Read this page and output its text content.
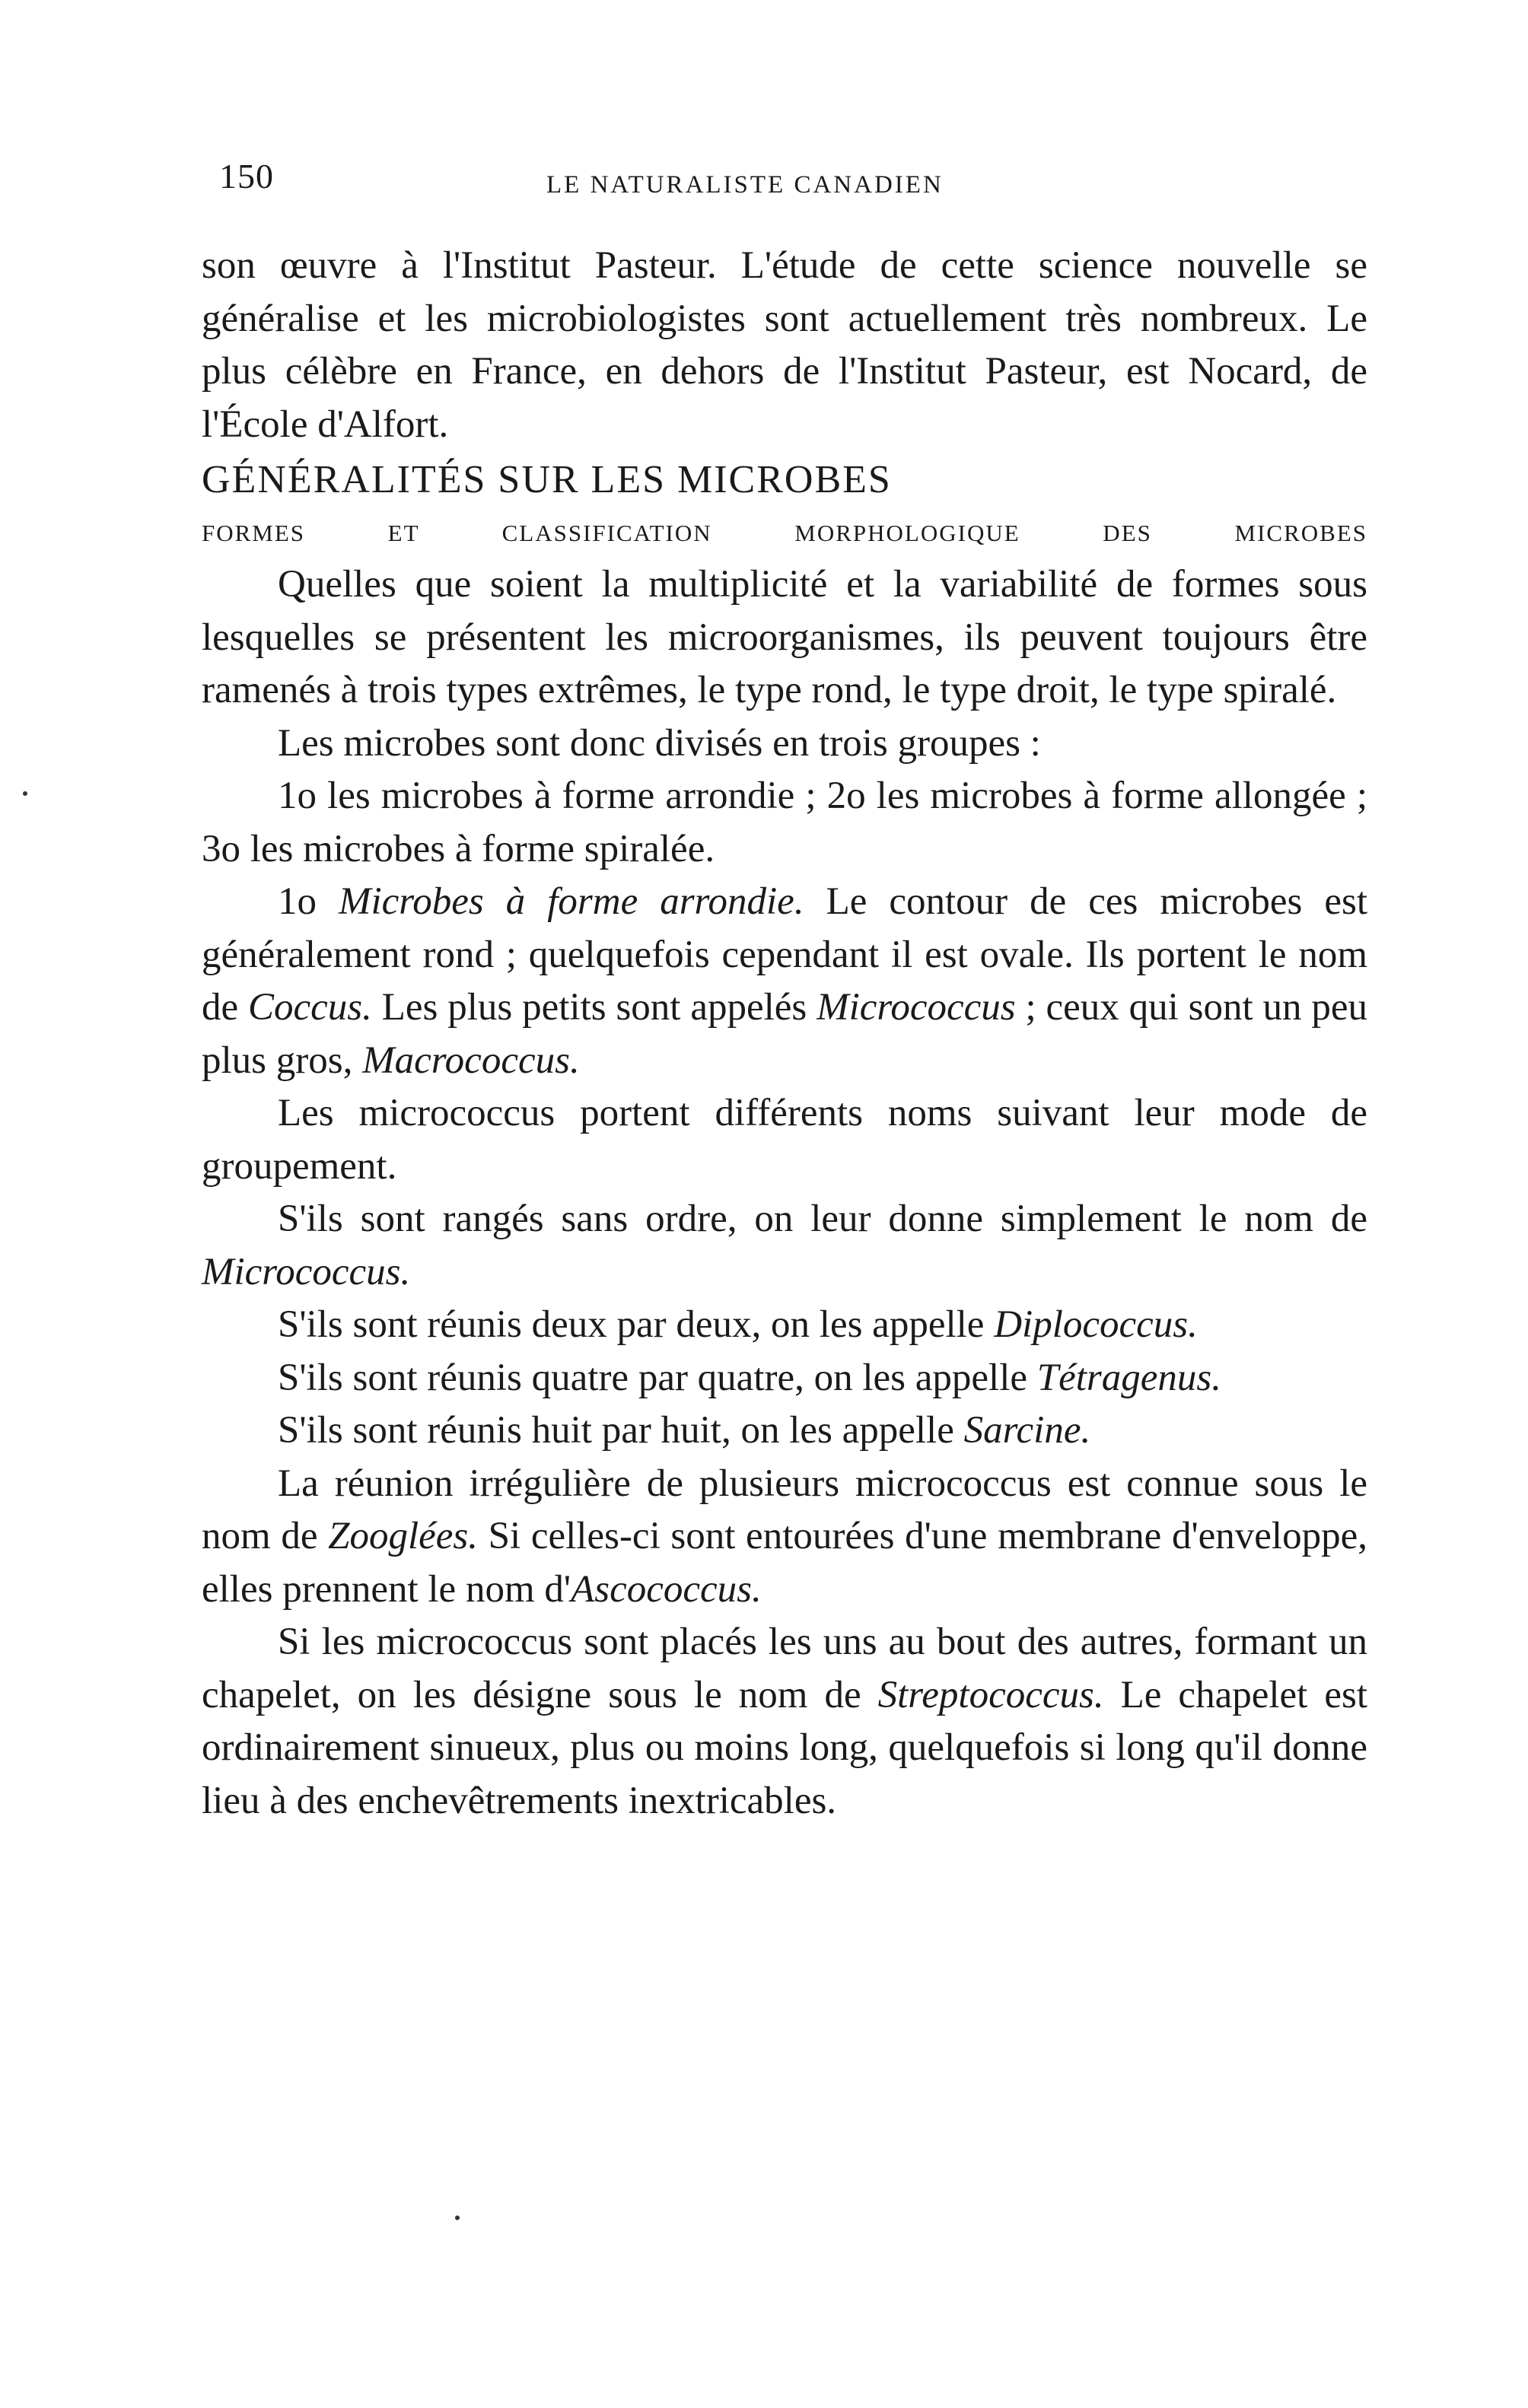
150	LE NATURALISTE CANADIEN

son œuvre à l'Institut Pasteur. L'étude de cette science nouvelle se généralise et les microbiologistes sont actuellement très nombreux. Le plus célèbre en France, en dehors de l'Institut Pasteur, est Nocard, de l'École d'Alfort.

GÉNÉRALITÉS SUR LES MICROBES

FORMES ET CLASSIFICATION MORPHOLOGIQUE DES MICROBES

Quelles que soient la multiplicité et la variabilité de formes sous lesquelles se présentent les microorganismes, ils peuvent toujours être ramenés à trois types extrêmes, le type rond, le type droit, le type spiralé.

Les microbes sont donc divisés en trois groupes :

1o les microbes à forme arrondie ; 2o les microbes à forme allongée ; 3o les microbes à forme spiralée.

1o Microbes à forme arrondie. Le contour de ces microbes est généralement rond ; quelquefois cependant il est ovale. Ils portent le nom de Coccus. Les plus petits sont appelés Micrococcus ; ceux qui sont un peu plus gros, Macrococcus.

Les micrococcus portent différents noms suivant leur mode de groupement.

S'ils sont rangés sans ordre, on leur donne simplement le nom de Micrococcus.

S'ils sont réunis deux par deux, on les appelle Diplococcus.

S'ils sont réunis quatre par quatre, on les appelle Tétragenus.

S'ils sont réunis huit par huit, on les appelle Sarcine.

La réunion irrégulière de plusieurs micrococcus est connue sous le nom de Zooglées. Si celles-ci sont entourées d'une membrane d'enveloppe, elles prennent le nom d'Ascococcus.

Si les micrococcus sont placés les uns au bout des autres, formant un chapelet, on les désigne sous le nom de Streptococcus. Le chapelet est ordinairement sinueux, plus ou moins long, quelquefois si long qu'il donne lieu à des enchevêtrements inextricables.
